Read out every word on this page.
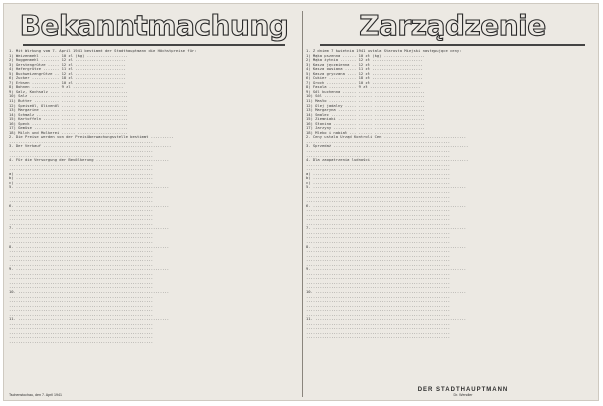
Bekanntmachung
1. Mit Wirkung vom 7. April 1941 bestimmt der Stadthauptmann die Höchstpreise für:
1) Weizenmehl ........ 10 zl (kg) ..................
2) Roggenmehl ........ 12 zl ......................
3) Gerstengrütze ..... 12 zl ......................
4) Hafergrütze ....... 11 zl ......................
5) Buchweizengrütze .. 12 zl ......................
6) Zucker ............ 18 zl ......................
7) Erbsen ............ 10 zl ......................
8) Bohnen ............ 9 zl ......................
9) Salz, Kochsalz .... ...... ......................
10) Salz ............. ...... ......................
11) Butter ........... ...... ......................
12) Speiseöl, Olivenöl ...... ......................
13) Margarine ........ ...... ......................
14) Schmalz .......... ...... ......................
15) Kartoffeln ....... ...... ......................
16) Speck ............ ...... ......................
17) Gemüse ........... ...... ......................
18) Milch und Molkerei ...... ......................
2. Die Preise werden von der Preisüberwachungsstelle bestimmt ..........
...............................................................
3. Der Verkauf ........................................................
...............................................................
...............................................................
4. Für die Versorgung der Bevölkerung ................................
...............................................................
...............................................................
a) ............................................................
b) ............................................................
c) ............................................................
5. ...................................................................
...............................................................
...............................................................
...............................................................
6. ...................................................................
...............................................................
...............................................................
...............................................................
...............................................................
7. ...................................................................
...............................................................
...............................................................
...............................................................
8. ...................................................................
...............................................................
...............................................................
...............................................................
...............................................................
9. ...................................................................
...............................................................
...............................................................
...............................................................
...............................................................
10. ..................................................................
...............................................................
...............................................................
...............................................................
...............................................................
...............................................................
11. ..................................................................
...............................................................
...............................................................
...............................................................
...............................................................
...............................................................
Zarządzenie
1. Z dniem 7 kwietnia 1941 ustala Starosta Miejski następujące ceny:
1) Mąka pszenna ...... 10 zł (kg) ..................
2) Mąka żytnia ....... 12 zł ......................
3) Kasza jęczmienna .. 12 zł ......................
4) Kasza owsiana ..... 11 zł ......................
5) Kasza gryczana .... 12 zł ......................
6) Cukier ............ 18 zł ......................
7) Groch ............. 10 zł ......................
8) Fasola ............ 9 zł ......................
9) Sól kuchenna ...... ...... ......................
10) Sól .............. ...... ......................
11) Masło ............ ...... ......................
12) Olej jadalny ..... ...... ......................
13) Margaryna ........ ...... ......................
14) Smalec ........... ...... ......................
15) Ziemniaki ........ ...... ......................
16) Słonina .......... ...... ......................
17) Jarzyny .......... ...... ......................
18) Mleko i nabiał ... ...... ......................
2. Ceny ustala Urząd Kontroli Cen ....................................
...............................................................
3. Sprzedaż ...........................................................
...............................................................
...............................................................
4. Dla zaopatrzenia ludności ..........................................
...............................................................
...............................................................
a) ............................................................
b) ............................................................
c) ............................................................
5. ...................................................................
...............................................................
...............................................................
...............................................................
6. ...................................................................
...............................................................
...............................................................
...............................................................
...............................................................
7. ...................................................................
...............................................................
...............................................................
...............................................................
8. ...................................................................
...............................................................
...............................................................
...............................................................
...............................................................
9. ...................................................................
...............................................................
...............................................................
...............................................................
...............................................................
10. ..................................................................
...............................................................
...............................................................
...............................................................
...............................................................
...............................................................
11. ..................................................................
...............................................................
...............................................................
...............................................................
...............................................................
Tschenstochau, den 7. April 1941
DER STADTHAUPTMANN
Dr. Wendler
